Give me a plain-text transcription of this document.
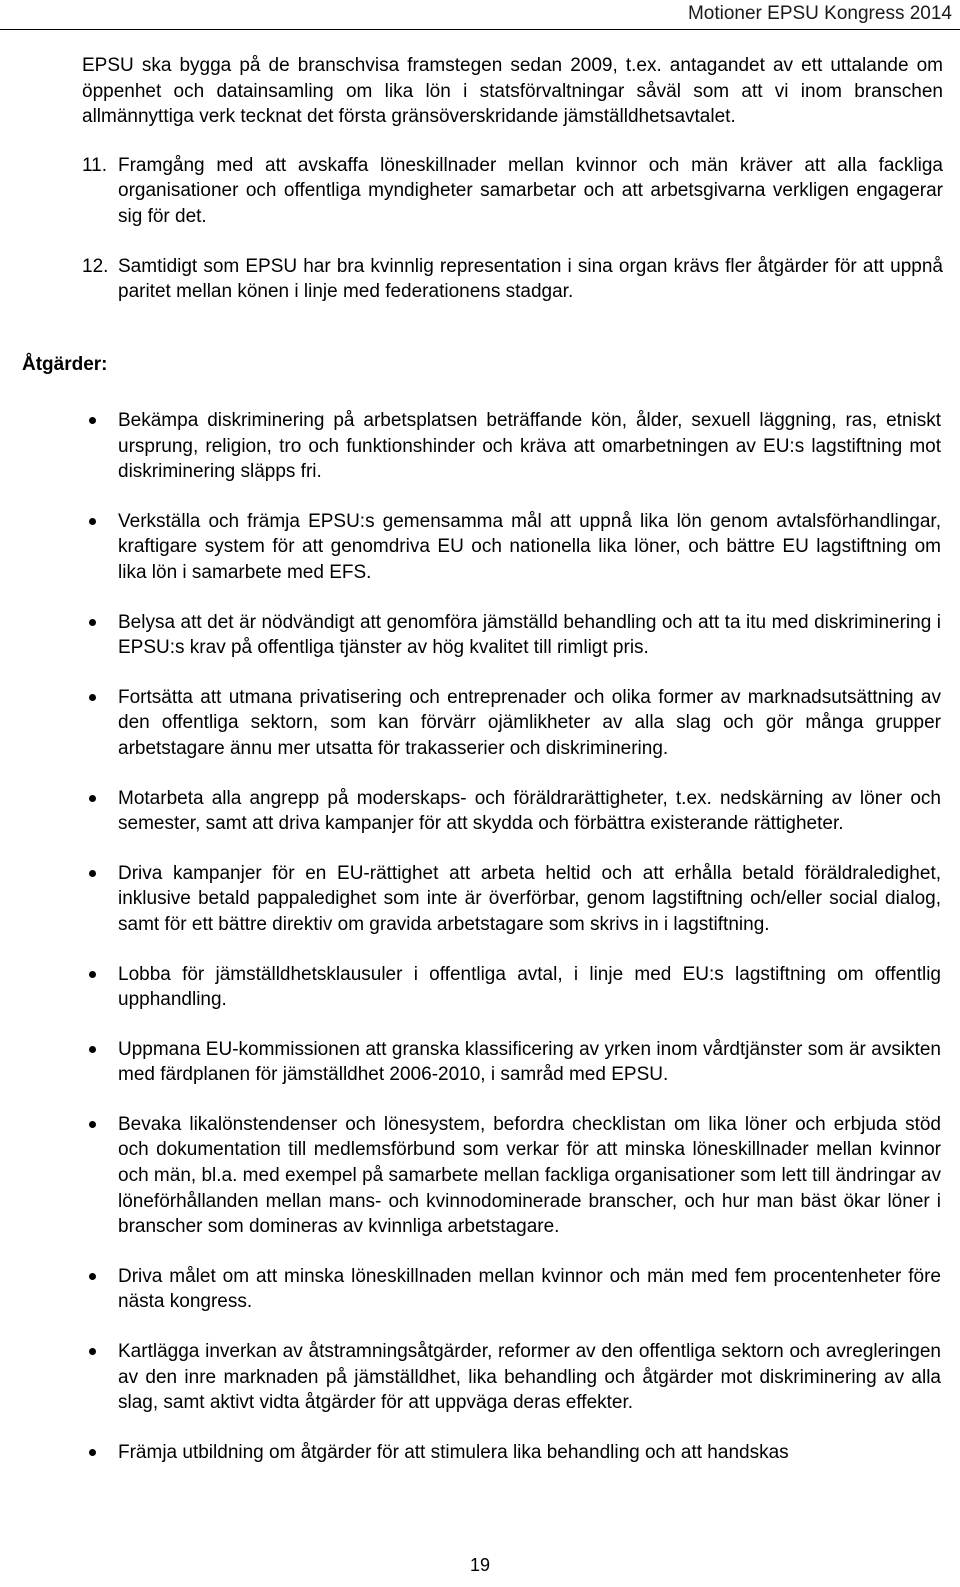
Motioner EPSU Kongress 2014

EPSU ska bygga på de branschvisa framstegen sedan 2009, t.ex. antagandet av ett uttalande om öppenhet och datainsamling om lika lön i statsförvaltningar såväl som att vi inom branschen allmännyttiga verk tecknat det första gränsöverskridande jämställdhetsavtalet.

11. Framgång med att avskaffa löneskillnader mellan kvinnor och män kräver att alla fackliga organisationer och offentliga myndigheter samarbetar och att arbetsgivarna verkligen engagerar sig för det.
12. Samtidigt som EPSU har bra kvinnlig representation i sina organ krävs fler åtgärder för att uppnå paritet mellan könen i linje med federationens stadgar.
Åtgärder:
Bekämpa diskriminering på arbetsplatsen beträffande kön, ålder, sexuell läggning, ras, etniskt ursprung, religion, tro och funktionshinder och kräva att omarbetningen av EU:s lagstiftning mot diskriminering släpps fri.
Verkställa och främja EPSU:s gemensamma mål att uppnå lika lön genom avtalsförhandlingar, kraftigare system för att genomdriva EU och nationella lika löner, och bättre EU lagstiftning om lika lön i samarbete med EFS.
Belysa att det är nödvändigt att genomföra jämställd behandling och att ta itu med diskriminering i EPSU:s krav på offentliga tjänster av hög kvalitet till rimligt pris.
Fortsätta att utmana privatisering och entreprenader och olika former av marknadsutsättning av den offentliga sektorn, som kan förvärr ojämlikheter av alla slag och gör många grupper arbetstagare ännu mer utsatta för trakasserier och diskriminering.
Motarbeta alla angrepp på moderskaps- och föräldrarättigheter, t.ex. nedskärning av löner och semester, samt att driva kampanjer för att skydda och förbättra existerande rättigheter.
Driva kampanjer för en EU-rättighet att arbeta heltid och att erhålla betald föräldraledighet, inklusive betald pappaledighet som inte är överförbar, genom lagstiftning och/eller social dialog, samt för ett bättre direktiv om gravida arbetstagare som skrivs in i lagstiftning.
Lobba för jämställdhetsklausuler i offentliga avtal, i linje med EU:s lagstiftning om offentlig upphandling.
Uppmana EU-kommissionen att granska klassificering av yrken inom vårdtjänster som är avsikten med färdplanen för jämställdhet 2006-2010, i samråd med EPSU.
Bevaka likalönstendenser och lönesystem, befordra checklistan om lika löner och erbjuda stöd och dokumentation till medlemsförbund som verkar för att minska löneskillnader mellan kvinnor och män, bl.a. med exempel på samarbete mellan fackliga organisationer som lett till ändringar av löneförhållanden mellan mans- och kvinnodominerade branscher, och hur man bäst ökar löner i branscher som domineras av kvinnliga arbetstagare.
Driva målet om att minska löneskillnaden mellan kvinnor och män med fem procentenheter före nästa kongress.
Kartlägga inverkan av åtstramningsåtgärder, reformer av den offentliga sektorn och avregleringen av den inre marknaden på jämställdhet, lika behandling och åtgärder mot diskriminering av alla slag, samt aktivt vidta åtgärder för att uppväga deras effekter.
Främja utbildning om åtgärder för att stimulera lika behandling och att handskas
19
